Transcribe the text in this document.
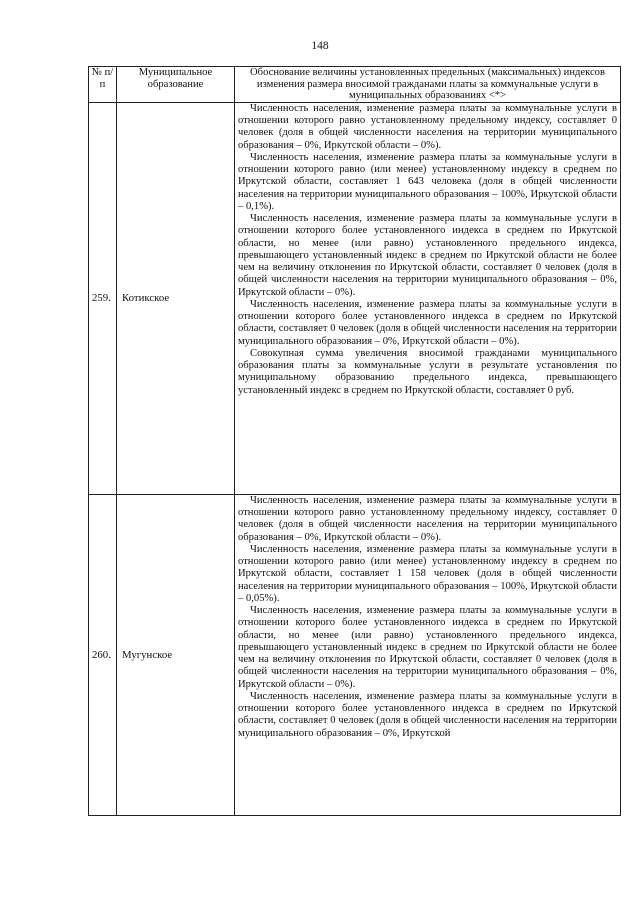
148
№ п/п	Муниципальное образование	Обоснование величины установленных предельных (максимальных) индексов изменения размера вносимой гражданами платы за коммунальные услуги в муниципальных образованиях <*>
259.	Котикское	Численность населения, изменение размера платы за коммунальные услуги в отношении которого равно установленному предельному индексу, составляет 0 человек (доля в общей численности населения на территории муниципального образования – 0%, Иркутской области – 0%).

Численность населения, изменение размера платы за коммунальные услуги в отношении которого равно (или менее) установленному индексу в среднем по Иркутской области, составляет 1 643 человека (доля в общей численности населения на территории муниципального образования – 100%, Иркутской области – 0,1%).

Численность населения, изменение размера платы за коммунальные услуги в отношении которого более установленного индекса в среднем по Иркутской области, но менее (или равно) установленного предельного индекса, превышающего установленный индекс в среднем по Иркутской области не более чем на величину отклонения по Иркутской области, составляет 0 человек (доля в общей численности населения на территории муниципального образования – 0%, Иркутской области – 0%).

Численность населения, изменение размера платы за коммунальные услуги в отношении которого более установленного индекса в среднем по Иркутской области, составляет 0 человек (доля в общей численности населения на территории муниципального образования – 0%, Иркутской области – 0%).

Совокупная сумма увеличения вносимой гражданами муниципального образования платы за коммунальные услуги в результате установления по муниципальному образованию предельного индекса, превышающего установленный индекс в среднем по Иркутской области, составляет 0 руб.

260.	Мугунское	Численность населения, изменение размера платы за коммунальные услуги в отношении которого равно установленному предельному индексу, составляет 0 человек (доля в общей численности населения на территории муниципального образования – 0%, Иркутской области – 0%).

Численность населения, изменение размера платы за коммунальные услуги в отношении которого равно (или менее) установленному индексу в среднем по Иркутской области, составляет 1 158 человек (доля в общей численности населения на территории муниципального образования – 100%, Иркутской области – 0,05%).

Численность населения, изменение размера платы за коммунальные услуги в отношении которого более установленного индекса в среднем по Иркутской области, но менее (или равно) установленного предельного индекса, превышающего установленный индекс в среднем по Иркутской области не более чем на величину отклонения по Иркутской области, составляет 0 человек (доля в общей численности населения на территории муниципального образования – 0%, Иркутской области – 0%).

Численность населения, изменение размера платы за коммунальные услуги в отношении которого более установленного индекса в среднем по Иркутской области, составляет 0 человек (доля в общей численности населения на территории муниципального образования – 0%, Иркутской
